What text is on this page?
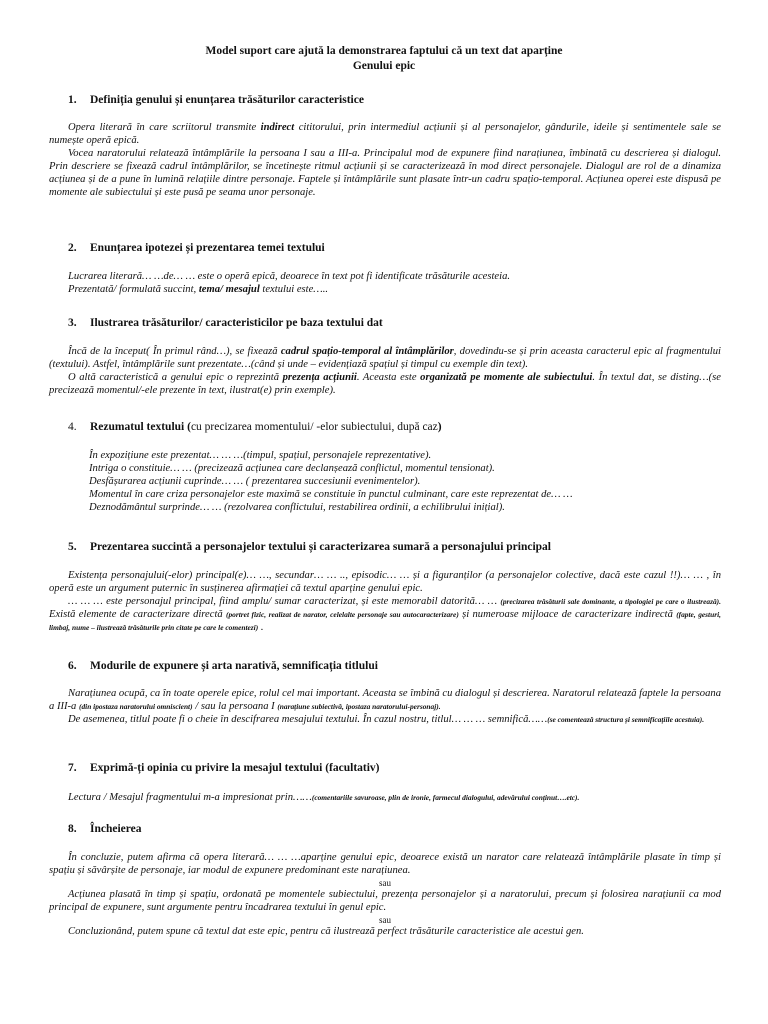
Model suport care ajută la demonstrarea faptului că un text dat aparține
Genului epic
1. Definiția genului și enunțarea trăsăturilor caracteristice

Opera literară în care scriitorul transmite indirect cititorului, prin intermediul acțiunii și al personajelor, gândurile, ideile și sentimentele sale se numește operă epică.

Vocea naratorului relatează întâmplările la persoana I sau a III-a. Principalul mod de expunere fiind narațiunea, îmbinată cu descrierea și dialogul. Prin descriere se fixează cadrul întâmplărilor, se încetinește ritmul acțiunii și se caracterizează în mod direct personajele. Dialogul are rol de a dinamiza acțiunea și de a pune în lumină relațiile dintre personaje. Faptele și întâmplările sunt plasate într-un cadru spațio-temporal. Acțiunea operei este dispusă pe momente ale subiectului și este pusă pe seama unor personaje.

2. Enunțarea ipotezei și prezentarea temei textului

Lucrarea literară… …de… … este o operă epică, deoarece în text pot fi identificate trăsăturile acesteia.

Prezentată/ formulată succint, tema/ mesajul textului este…..

3. Ilustrarea trăsăturilor/ caracteristicilor pe baza textului dat

Încă de la început( În primul rând…), se fixează cadrul spațio-temporal al întâmplărilor, dovedindu-se și prin aceasta caracterul epic al fragmentului (textului). Astfel, întâmplările sunt prezentate…(când și unde – evidențiază spațiul și timpul cu exemple din text).

O altă caracteristică a genului epic o reprezintă prezența acțiunii. Aceasta este organizată pe momente ale subiectului. În textul dat, se disting…(se precizează momentul/-ele prezente în text, ilustrat(e) prin exemple).

4. Rezumatul textului (cu precizarea momentului/ -elor subiectului, după caz)

În expozițiune este prezentat… … …(timpul, spațiul, personajele reprezentative).

Intriga o constituie… … (precizează acțiunea care declanșează conflictul, momentul tensionat).

Desfășurarea acțiunii cuprinde… … ( prezentarea succesiunii evenimentelor).

Momentul în care criza personajelor este maximă se constituie în punctul culminant, care este reprezentat de… …

Deznodământul surprinde… … (rezolvarea conflictului, restabilirea ordinii, a echilibrului inițial).

5. Prezentarea succintă a personajelor textului și caracterizarea sumară a personajului principal

Existența personajului(-elor) principal(e)… …, secundar… … .., episodic… … și a figuranților (a personajelor colective, dacă este cazul !!)… … , în operă este un argument puternic în susținerea afirmației că textul aparține genului epic.

… … … este personajul principal, fiind amplu/ sumar caracterizat, și este memorabil datorită… … (precizarea trăsăturii sale dominante, a tipologiei pe care o ilustrează). Există elemente de caracterizare directă (portret fizic, realizat de narator, celelalte personaje sau autocaracterizare) și numeroase mijloace de caracterizare indirectă (fapte, gesturi, limbaj, nume – ilustrează trăsăturile prin citate pe care le comentezi) .

6. Modurile de expunere și arta narativă, semnificația titlului

Narațiunea ocupă, ca în toate operele epice, rolul cel mai important. Aceasta se îmbină cu dialogul și descrierea. Naratorul relatează faptele la persoana a III-a (din ipostaza naratorului omniscient) / sau la persoana I (narațiune subiectivă, ipostaza naratorului-personaj).

De asemenea, titlul poate fi o cheie în descifrarea mesajului textului. În cazul nostru, titlul… … … semnifică……(se comentează structura și semnificațiile acestuia).

7. Exprimă-ți opinia cu privire la mesajul textului (facultativ)

Lectura / Mesajul fragmentului m-a impresionat prin……(comentariile savuroase, plin de ironie, farmecul dialogului, adevărului conținut….etc).

8. Încheierea

În concluzie, putem afirma că opera literară… … …aparține genului epic, deoarece există un narator care relatează întâmplările plasate în timp și spațiu și săvârșite de personaje, iar modul de expunere predominant este narațiunea.

sau

Acțiunea plasată în timp și spațiu, ordonată pe momentele subiectului, prezența personajelor și a naratorului, precum și folosirea narațiunii ca mod principal de expunere, sunt argumente pentru încadrarea textului în genul epic.

sau

Concluzionând, putem spune că textul dat este epic, pentru că ilustrează perfect trăsăturile caracteristice ale acestui gen.
